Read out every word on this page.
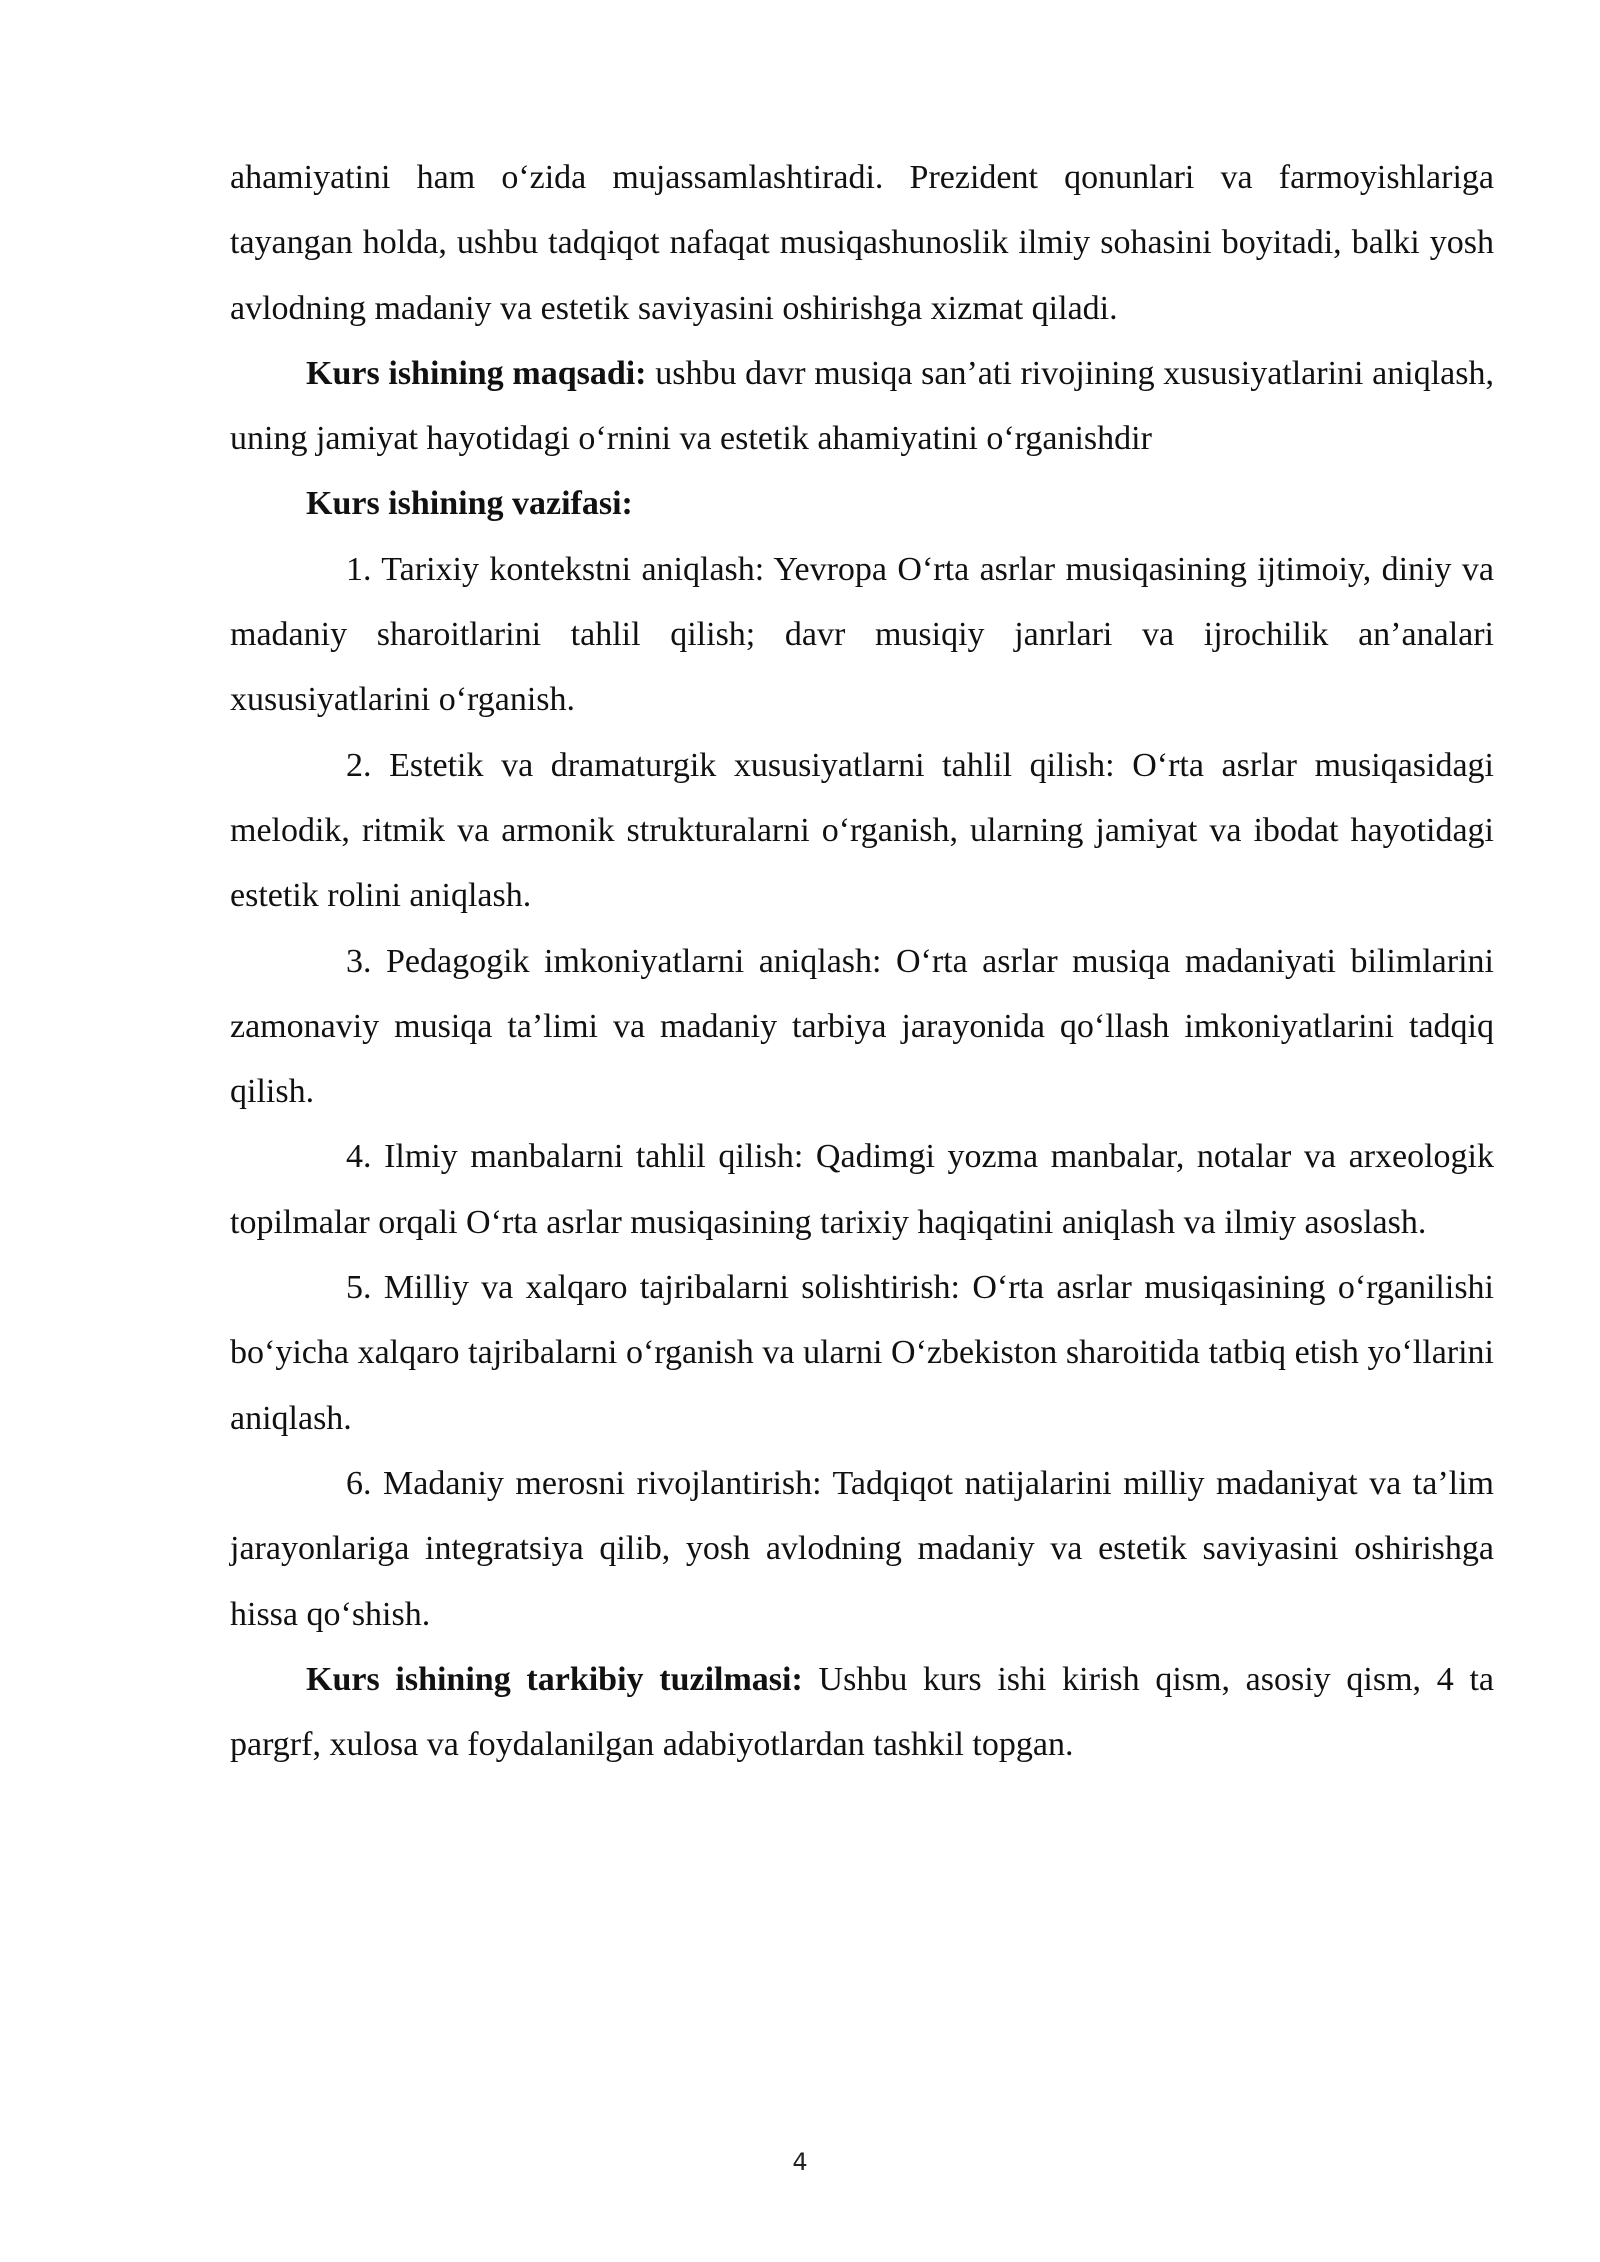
ahamiyatini ham o‘zida mujassamlashtiradi. Prezident qonunlari va farmoyishlariga tayangan holda, ushbu tadqiqot nafaqat musiqashunoslik ilmiy sohasini boyitadi, balki yosh avlodning madaniy va estetik saviyasini oshirishga xizmat qiladi.

Kurs ishining maqsadi: ushbu davr musiqa san’ati rivojining xususiyatlarini aniqlash, uning jamiyat hayotidagi o‘rnini va estetik ahamiyatini o‘rganishdir

Kurs ishining vazifasi:

1. Tarixiy kontekstni aniqlash: Yevropa O‘rta asrlar musiqasining ijtimoiy, diniy va madaniy sharoitlarini tahlil qilish; davr musiqiy janrlari va ijrochilik an’analari xususiyatlarini o‘rganish.

2. Estetik va dramaturgik xususiyatlarni tahlil qilish: O‘rta asrlar musiqasidagi melodik, ritmik va armonik strukturalarni o‘rganish, ularning jamiyat va ibodat hayotidagi estetik rolini aniqlash.

3. Pedagogik imkoniyatlarni aniqlash: O‘rta asrlar musiqa madaniyati bilimlarini zamonaviy musiqa ta’limi va madaniy tarbiya jarayonida qo‘llash imkoniyatlarini tadqiq qilish.

4. Ilmiy manbalarni tahlil qilish: Qadimgi yozma manbalar, notalar va arxeologik topilmalar orqali O‘rta asrlar musiqasining tarixiy haqiqatini aniqlash va ilmiy asoslash.

5. Milliy va xalqaro tajribalarni solishtirish: O‘rta asrlar musiqasining o‘rganilishi bo‘yicha xalqaro tajribalarni o‘rganish va ularni O‘zbekiston sharoitida tatbiq etish yo‘llarini aniqlash.

6. Madaniy merosni rivojlantirish: Tadqiqot natijalarini milliy madaniyat va ta’lim jarayonlariga integratsiya qilib, yosh avlodning madaniy va estetik saviyasini oshirishga hissa qo‘shish.

Kurs ishining tarkibiy tuzilmasi: Ushbu kurs ishi kirish qism, asosiy qism, 4 ta pargrf, xulosa va foydalanilgan adabiyotlardan tashkil topgan.

4
